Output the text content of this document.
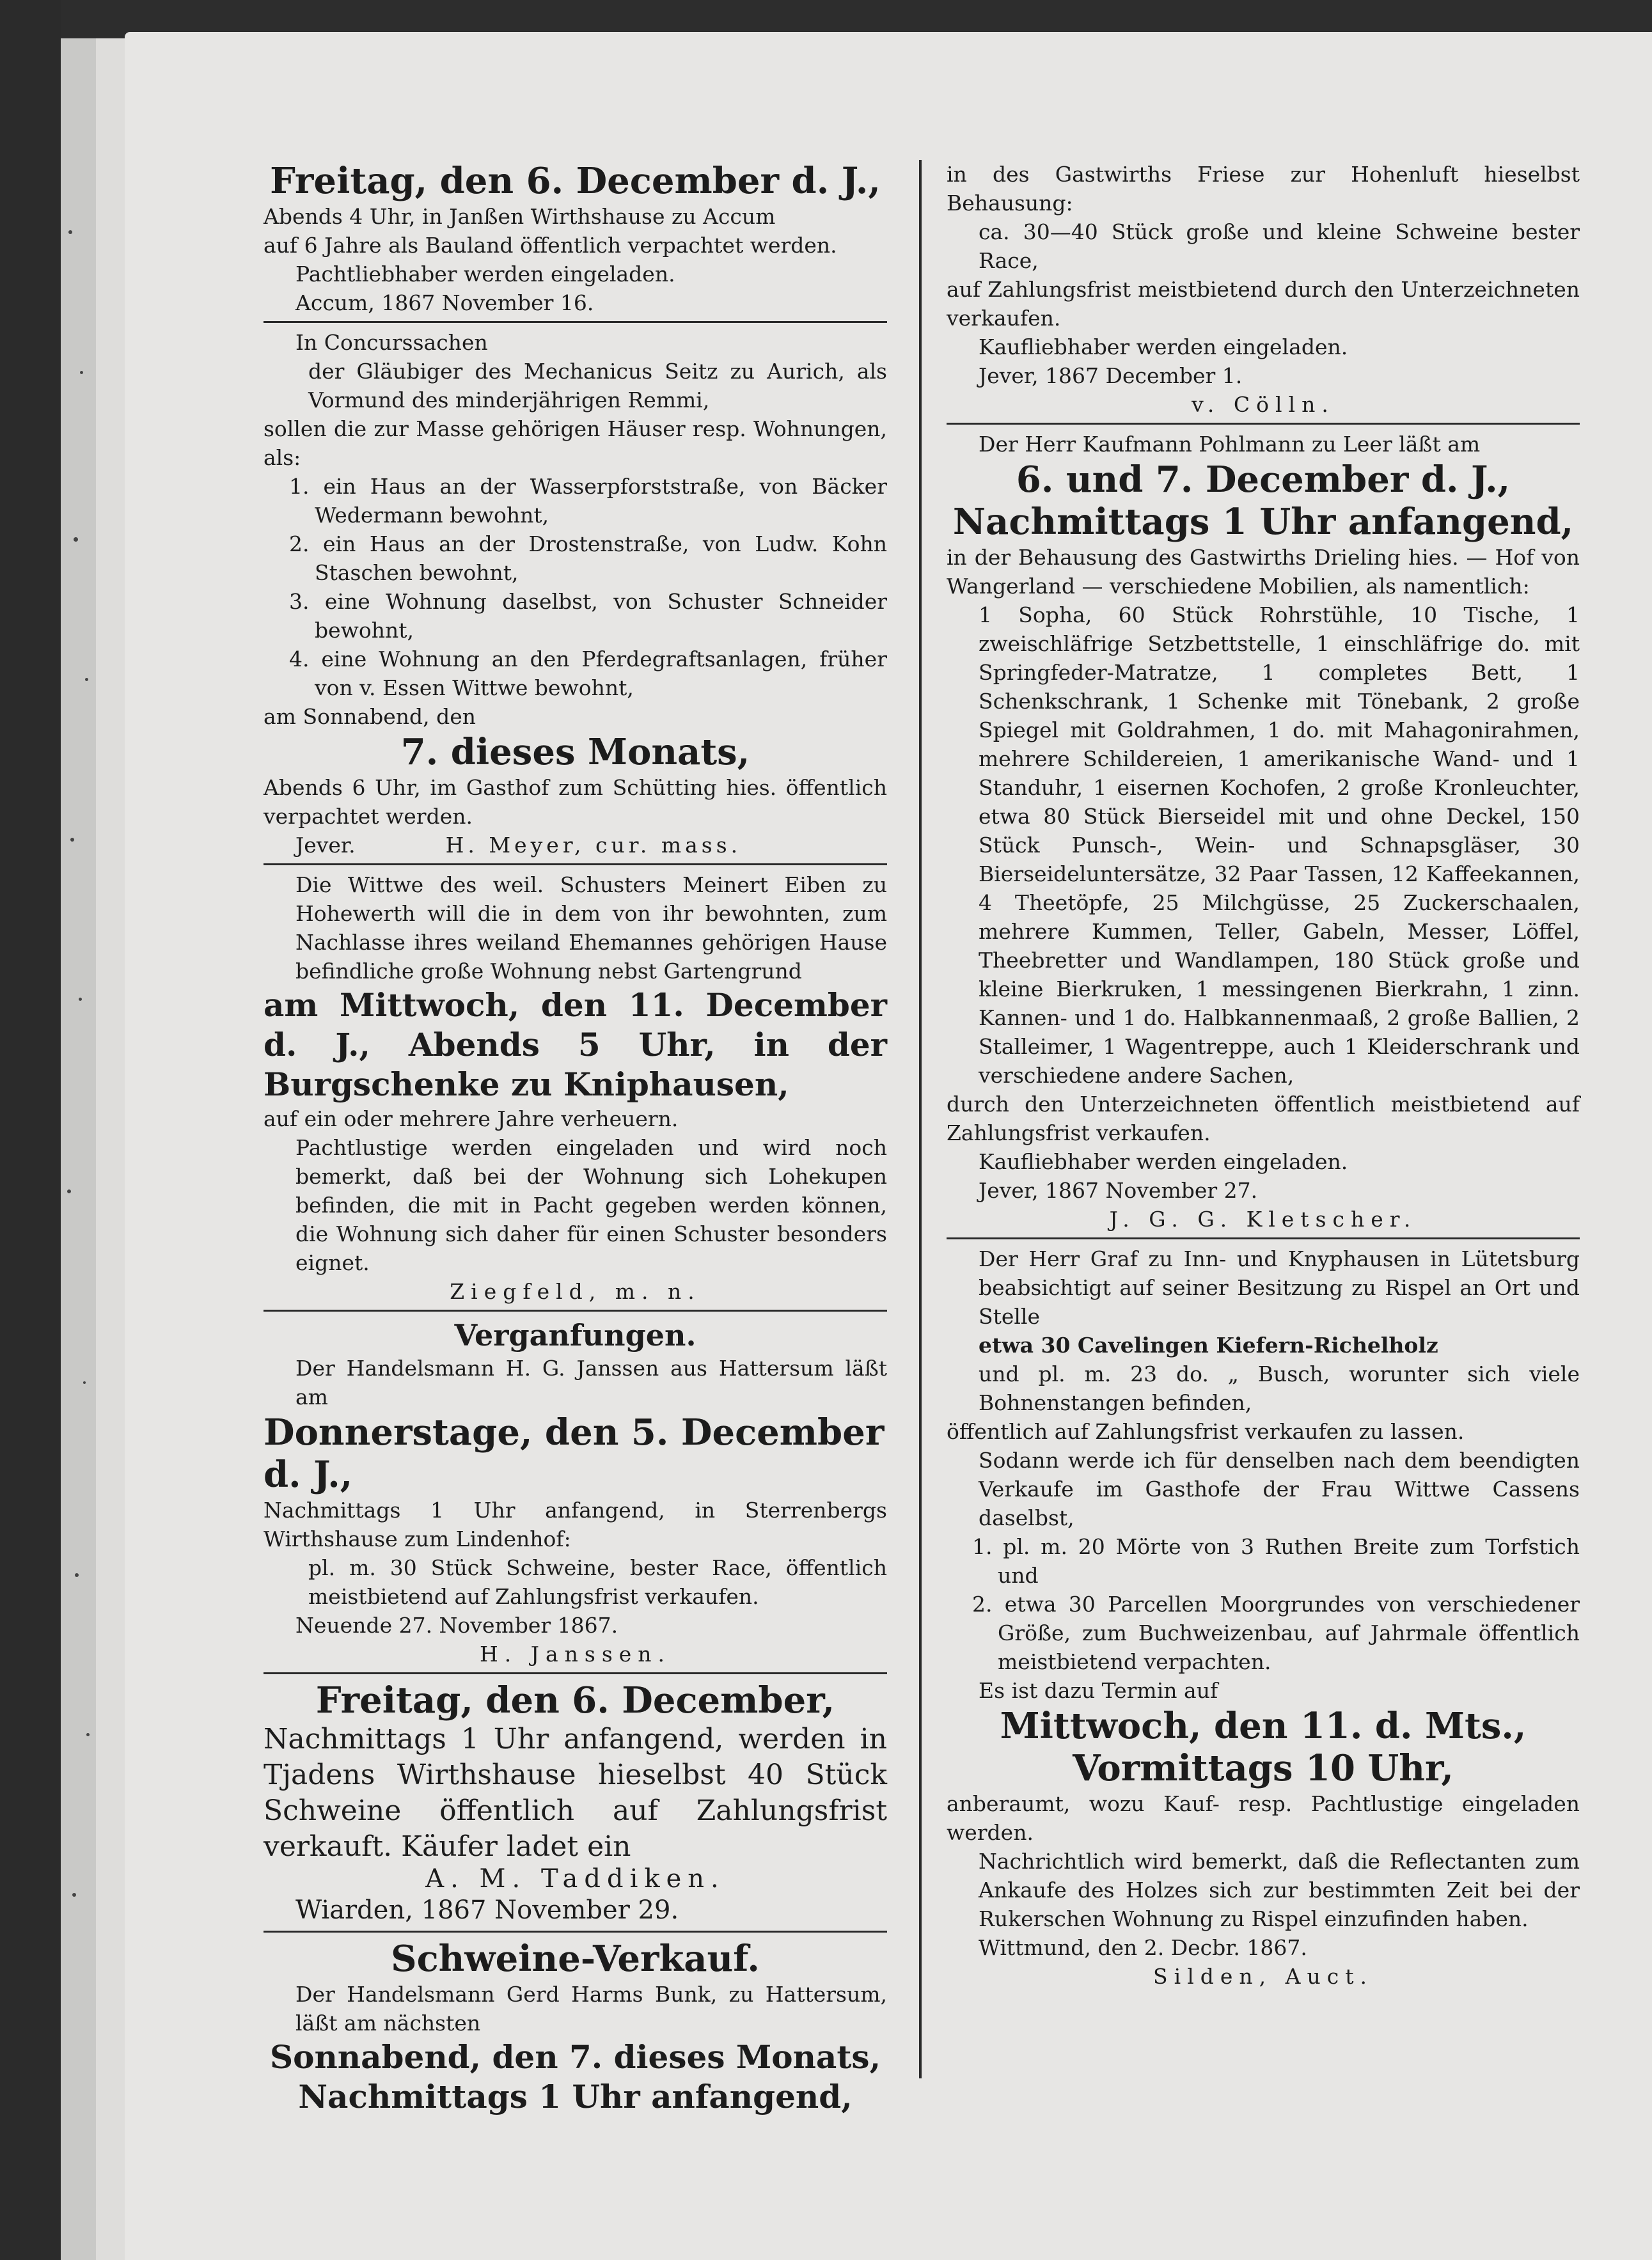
Freitag, den 6. December d. J.,

Abends 4 Uhr, in Janßen Wirthshause zu Accum

auf 6 Jahre als Bauland öffentlich verpachtet werden.

Pachtliebhaber werden eingeladen.

Accum, 1867 November 16.

In Concurssachen

der Gläubiger des Mechanicus Seitz zu Aurich, als Vormund des minderjährigen Remmi,

sollen die zur Masse gehörigen Häuser resp. Wohnungen, als:

1. ein Haus an der Wasserpforststraße, von Bäcker Wedermann bewohnt,

2. ein Haus an der Drostenstraße, von Ludw. Kohn Staschen bewohnt,

3. eine Wohnung daselbst, von Schuster Schneider bewohnt,

4. eine Wohnung an den Pferdegraftsanlagen, früher von v. Essen Wittwe bewohnt,

am Sonnabend, den

7. dieses Monats,

Abends 6 Uhr, im Gasthof zum Schütting hies. öffentlich verpachtet werden.

Jever.	H. Meyer, cur. mass.

Die Wittwe des weil. Schusters Meinert Eiben zu Hohewerth will die in dem von ihr bewohnten, zum Nachlasse ihres weiland Ehemannes gehörigen Hause befindliche große Wohnung nebst Gartengrund

am Mittwoch, den 11. December d. J., Abends 5 Uhr, in der Burgschenke zu Kniphausen,

auf ein oder mehrere Jahre verheuern.

Pachtlustige werden eingeladen und wird noch bemerkt, daß bei der Wohnung sich Lohekupen befinden, die mit in Pacht gegeben werden können, die Wohnung sich daher für einen Schuster besonders eignet.

Ziegfeld, m. n.

Verganfungen.

Der Handelsmann H. G. Janssen aus Hattersum läßt am

Donnerstage, den 5. December d. J.,

Nachmittags 1 Uhr anfangend, in Sterrenbergs Wirthshause zum Lindenhof:

pl. m. 30 Stück Schweine, bester Race, öffentlich meistbietend auf Zahlungsfrist verkaufen.

Neuende 27. November 1867.

H. Janssen.

Freitag, den 6. December,

Nachmittags 1 Uhr anfangend, werden in Tjadens Wirthshause hieselbst 40 Stück Schweine öffentlich auf Zahlungsfrist verkauft. Käufer ladet ein

A. M. Taddiken.

Wiarden, 1867 November 29.

Schweine-Verkauf.

Der Handelsmann Gerd Harms Bunk, zu Hattersum, läßt am nächsten

Sonnabend, den 7. dieses Monats, Nachmittags 1 Uhr anfangend,

in des Gastwirths Friese zur Hohenluft hieselbst Behausung:

ca. 30—40 Stück große und kleine Schweine bester Race,

auf Zahlungsfrist meistbietend durch den Unterzeichneten verkaufen.

Kaufliebhaber werden eingeladen.

Jever, 1867 December 1.

v. Cölln.

Der Herr Kaufmann Pohlmann zu Leer läßt am

6. und 7. December d. J.,

Nachmittags 1 Uhr anfangend,

in der Behausung des Gastwirths Drieling hies. — Hof von Wangerland — verschiedene Mobilien, als namentlich:

1 Sopha, 60 Stück Rohrstühle, 10 Tische, 1 zweischläfrige Setzbettstelle, 1 einschläfrige do. mit Springfeder-Matratze, 1 completes Bett, 1 Schenkschrank, 1 Schenke mit Tönebank, 2 große Spiegel mit Goldrahmen, 1 do. mit Mahagonirahmen, mehrere Schildereien, 1 amerikanische Wand- und 1 Standuhr, 1 eisernen Kochofen, 2 große Kronleuchter, etwa 80 Stück Bierseidel mit und ohne Deckel, 150 Stück Punsch-, Wein- und Schnapsgläser, 30 Bierseideluntersätze, 32 Paar Tassen, 12 Kaffeekannen, 4 Theetöpfe, 25 Milchgüsse, 25 Zuckerschaalen, mehrere Kummen, Teller, Gabeln, Messer, Löffel, Theebretter und Wandlampen, 180 Stück große und kleine Bierkruken, 1 messingenen Bierkrahn, 1 zinn. Kannen- und 1 do. Halbkannenmaaß, 2 große Ballien, 2 Stalleimer, 1 Wagentreppe, auch 1 Kleiderschrank und verschiedene andere Sachen,

durch den Unterzeichneten öffentlich meistbietend auf Zahlungsfrist verkaufen.

Kaufliebhaber werden eingeladen.

Jever, 1867 November 27.

J. G. G. Kletscher.

Der Herr Graf zu Inn- und Knyphausen in Lütetsburg beabsichtigt auf seiner Besitzung zu Rispel an Ort und Stelle

etwa 30 Cavelingen Kiefern-Richelholz

und pl. m. 23 do. „ Busch, worunter sich viele Bohnenstangen befinden,

öffentlich auf Zahlungsfrist verkaufen zu lassen.

Sodann werde ich für denselben nach dem beendigten Verkaufe im Gasthofe der Frau Wittwe Cassens daselbst,

1. pl. m. 20 Mörte von 3 Ruthen Breite zum Torfstich und

2. etwa 30 Parcellen Moorgrundes von verschiedener Größe, zum Buchweizenbau, auf Jahrmale öffentlich meistbietend verpachten.

Es ist dazu Termin auf

Mittwoch, den 11. d. Mts.,

Vormittags 10 Uhr,

anberaumt, wozu Kauf- resp. Pachtlustige eingeladen werden.

Nachrichtlich wird bemerkt, daß die Reflectanten zum Ankaufe des Holzes sich zur bestimmten Zeit bei der Rukerschen Wohnung zu Rispel einzufinden haben.

Wittmund, den 2. Decbr. 1867.

Silden, Auct.
